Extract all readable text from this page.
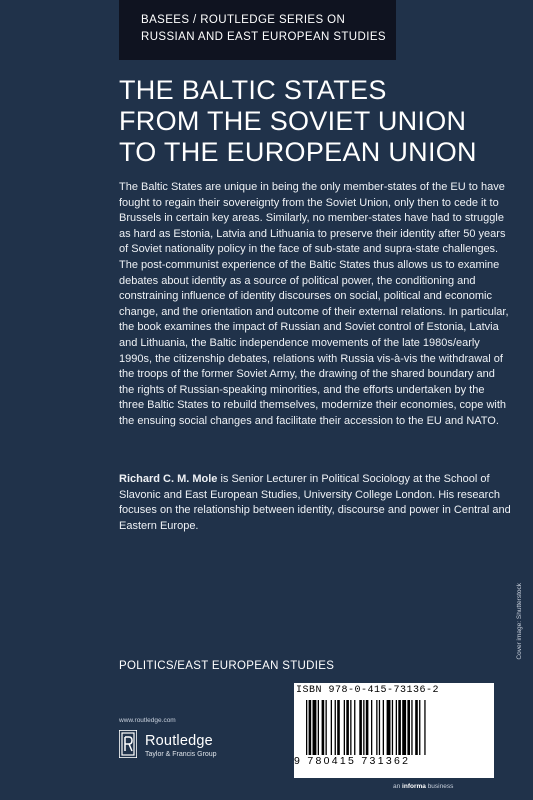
BASEES / ROUTLEDGE SERIES ON
RUSSIAN AND EAST EUROPEAN STUDIES
THE BALTIC STATES
FROM THE SOVIET UNION
TO THE EUROPEAN UNION

The Baltic States are unique in being the only member-states of the EU to have fought to regain their sovereignty from the Soviet Union, only then to cede it to Brussels in certain key areas. Similarly, no member-states have had to struggle as hard as Estonia, Latvia and Lithuania to preserve their identity after 50 years of Soviet nationality policy in the face of sub-state and supra-state challenges. The post-communist experience of the Baltic States thus allows us to examine debates about identity as a source of political power, the conditioning and constraining influence of identity discourses on social, political and economic change, and the orientation and outcome of their external relations. In particular, the book examines the impact of Russian and Soviet control of Estonia, Latvia and Lithuania, the Baltic independence movements of the late 1980s/early 1990s, the citizenship debates, relations with Russia vis-à-vis the withdrawal of the troops of the former Soviet Army, the drawing of the shared boundary and the rights of Russian-speaking minorities, and the efforts undertaken by the three Baltic States to rebuild themselves, modernize their economies, cope with the ensuing social changes and facilitate their accession to the EU and NATO.

Richard C. M. Mole is Senior Lecturer in Political Sociology at the School of Slavonic and East European Studies, University College London. His research focuses on the relationship between identity, discourse and power in Central and Eastern Europe.

Cover image: Shutterstock
POLITICS/EAST EUROPEAN STUDIES
www.routledge.com
Routledge
Taylor & Francis Group
ISBN 978-0-415-73136-2
9 780415 731362
an informa business
